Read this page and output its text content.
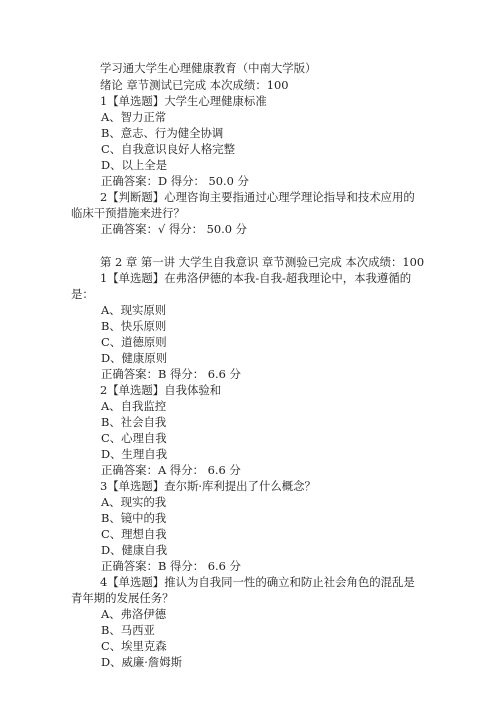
学习通大学生心理健康教育（中南大学版）
绪论 章节测试已完成 本次成绩：100
1【单选题】大学生心理健康标准
A、智力正常
B、意志、行为健全协调
C、自我意识良好人格完整
D、以上全是
正确答案：D 得分： 50.0 分
2【判断题】心理咨询主要指通过心理学理论指导和技术应用的
临床干预措施来进行？
正确答案：√ 得分： 50.0 分
第 2 章 第一讲 大学生自我意识 章节测验已完成 本次成绩：100
1【单选题】在弗洛伊德的本我-自我-超我理论中，本我遵循的
是：
A、现实原则
B、快乐原则
C、道德原则
D、健康原则
正确答案：B 得分： 6.6 分
2【单选题】自我体验和
A、自我监控
B、社会自我
C、心理自我
D、生理自我
正确答案：A 得分： 6.6 分
3【单选题】查尔斯·库利提出了什么概念？
A、现实的我
B、镜中的我
C、理想自我
D、健康自我
正确答案：B 得分： 6.6 分
4【单选题】推认为自我同一性的确立和防止社会角色的混乱是
青年期的发展任务？
A、弗洛伊德
B、马西亚
C、埃里克森
D、威廉·詹姆斯
